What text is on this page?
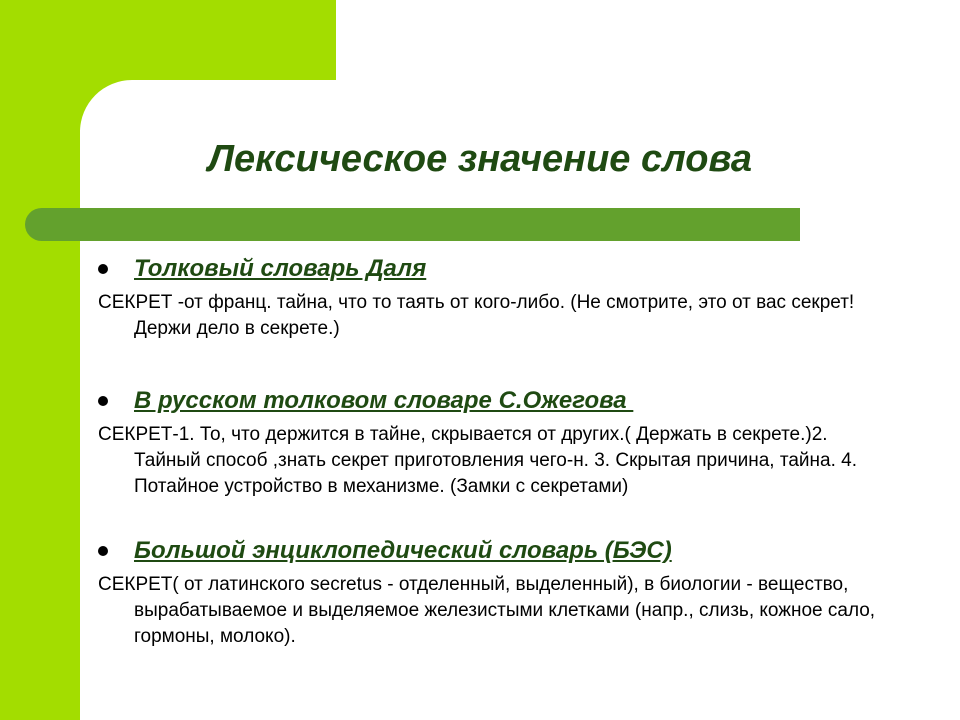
Лексическое значение слова
Толковый словарь Даля

СЕКРЕТ -от франц. тайна, что то таять от кого-либо. (Не смотрите, это от вас секрет! Держи дело в секрете.)

В русском толковом словаре С.Ожегова

СЕКРЕТ-1. То, что держится в тайне, скрывается от других.( Держать в секрете.)2. Тайный способ ,знать секрет приготовления чего-н. 3. Скрытая причина, тайна. 4. Потайное устройство в механизме. (Замки с секретами)

Большой энциклопедический словарь (БЭС)

СЕКРЕТ( от латинского secretus - отделенный, выделенный), в биологии - вещество, вырабатываемое и выделяемое железистыми клетками (напр., слизь, кожное сало, гормоны, молоко).
